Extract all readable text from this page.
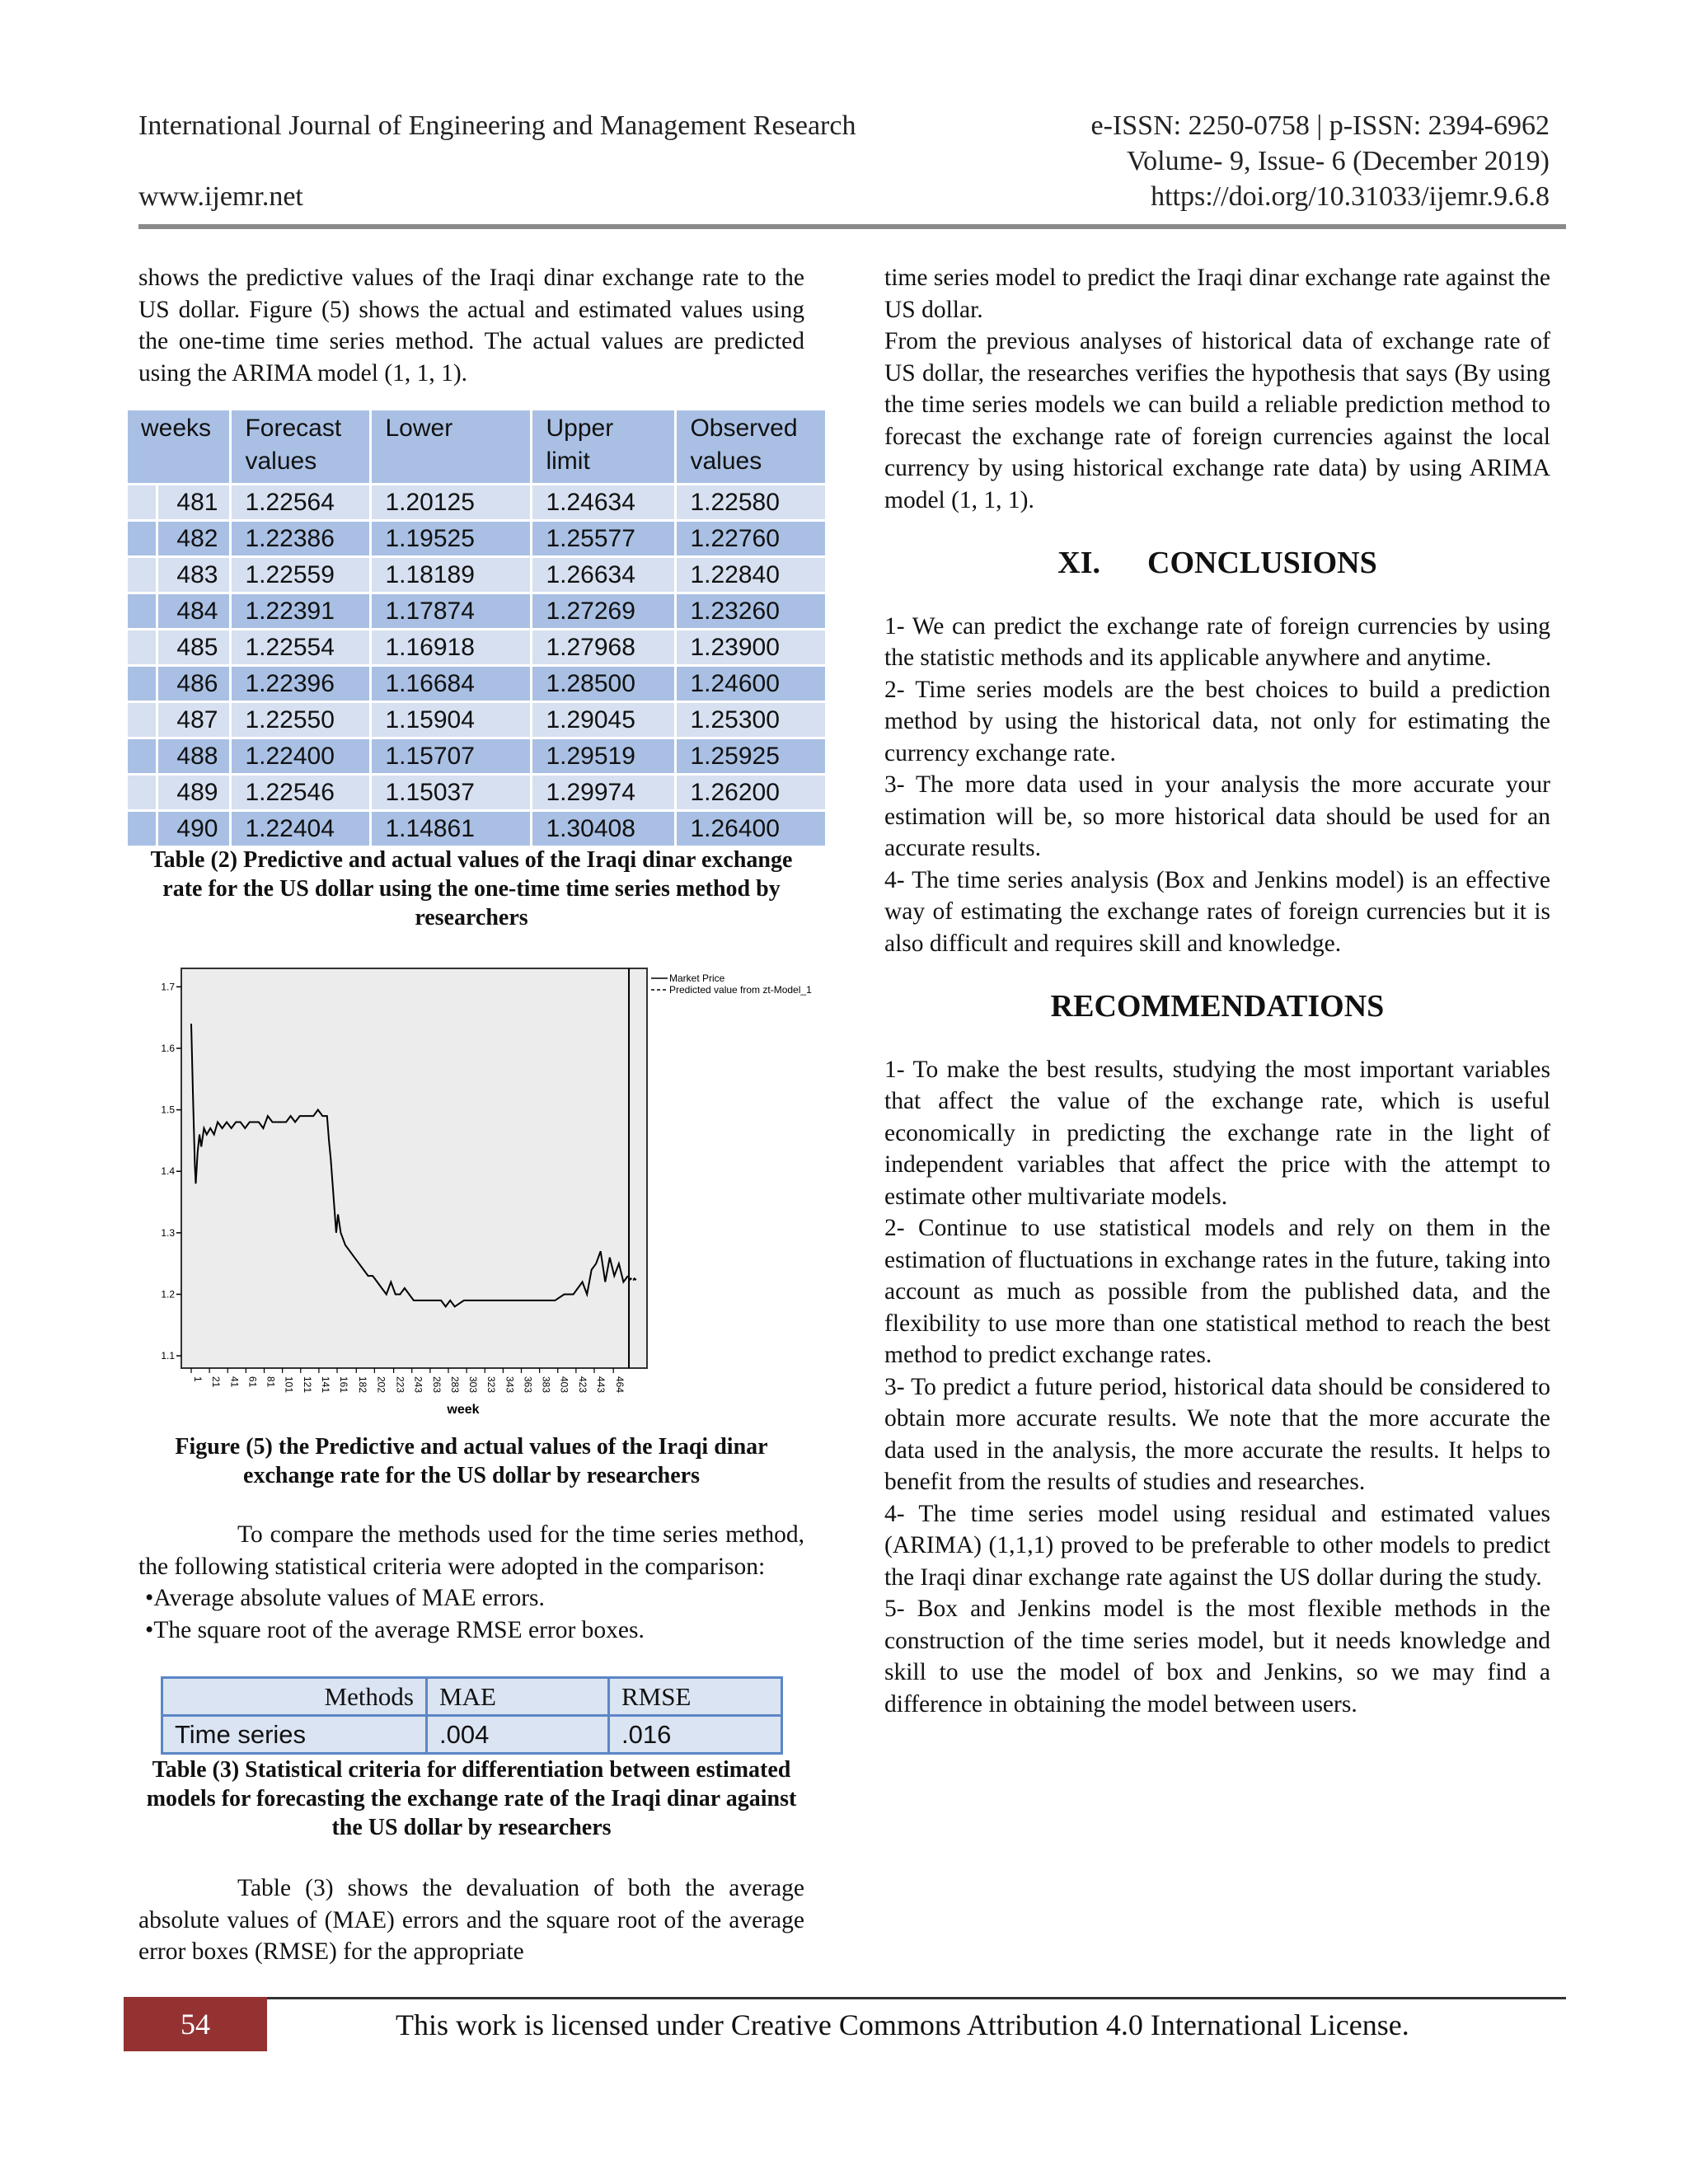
International Journal of Engineering and Management Research	e-ISSN: 2250-0758 | p-ISSN: 2394-6962
Volume- 9, Issue- 6 (December 2019)
www.ijemr.net	https://doi.org/10.31033/ijemr.9.6.8

shows the predictive values of the Iraqi dinar exchange rate to the US dollar. Figure (5) shows the actual and estimated values using the one-time time series method. The actual values are predicted using the ARIMA model (1, 1, 1).

weeks		Forecast values	Lower	Upper limit	Observed values
	481	1.22564	1.20125	1.24634	1.22580
	482	1.22386	1.19525	1.25577	1.22760
	483	1.22559	1.18189	1.26634	1.22840
	484	1.22391	1.17874	1.27269	1.23260
	485	1.22554	1.16918	1.27968	1.23900
	486	1.22396	1.16684	1.28500	1.24600
	487	1.22550	1.15904	1.29045	1.25300
	488	1.22400	1.15707	1.29519	1.25925
	489	1.22546	1.15037	1.29974	1.26200
	490	1.22404	1.14861	1.30408	1.26400
Table (2) Predictive and actual values of the Iraqi dinar exchange rate for the US dollar using the one-time time series method by researchers
1.1
1.2
1.3
1.4
1.5
1.6
1.7
1 21 41 61 81 101 121 141 161 182 202 223 243 263 283 303 323 343 363 383 403 423 443 464
week
Market Price
Predicted value from zt-Model_1
Figure (5) the Predictive and actual values of the Iraqi dinar exchange rate for the US dollar by researchers

To compare the methods used for the time series method, the following statistical criteria were adopted in the comparison:

•Average absolute values of MAE errors.

•The square root of the average RMSE error boxes.

Methods	MAE	RMSE
Time series	.004	.016
Table (3) Statistical criteria for differentiation between estimated models for forecasting the exchange rate of the Iraqi dinar against the US dollar by researchers

Table (3) shows the devaluation of both the average absolute values of (MAE) errors and the square root of the average error boxes (RMSE) for the appropriate

time series model to predict the Iraqi dinar exchange rate against the US dollar.

From the previous analyses of historical data of exchange rate of US dollar, the researches verifies the hypothesis that says (By using the time series models we can build a reliable prediction method to forecast the exchange rate of foreign currencies against the local currency by using historical exchange rate data) by using ARIMA model (1, 1, 1).

XI.      CONCLUSIONS

1- We can predict the exchange rate of foreign currencies by using the statistic methods and its applicable anywhere and anytime.

2- Time series models are the best choices to build a prediction method by using the historical data, not only for estimating the currency exchange rate.

3- The more data used in your analysis the more accurate your estimation will be, so more historical data should be used for an accurate results.

4- The time series analysis (Box and Jenkins model) is an effective way of estimating the exchange rates of foreign currencies but it is also difficult and requires skill and knowledge.

RECOMMENDATIONS

1- To make the best results, studying the most important variables that affect the value of the exchange rate, which is useful economically in predicting the exchange rate in the light of independent variables that affect the price with the attempt to estimate other multivariate models.

2- Continue to use statistical models and rely on them in the estimation of fluctuations in exchange rates in the future, taking into account as much as possible from the published data, and the flexibility to use more than one statistical method to reach the best method to predict exchange rates.

3- To predict a future period, historical data should be considered to obtain more accurate results. We note that the more accurate the data used in the analysis, the more accurate the results. It helps to benefit from the results of studies and researches.

4- The time series model using residual and estimated values (ARIMA) (1,1,1) proved to be preferable to other models to predict the Iraqi dinar exchange rate against the US dollar during the study.

5- Box and Jenkins model is the most flexible methods in the construction of the time series model, but it needs knowledge and skill to use the model of box and Jenkins, so we may find a difference in obtaining the model between users.

54	This work is licensed under Creative Commons Attribution 4.0 International License.
